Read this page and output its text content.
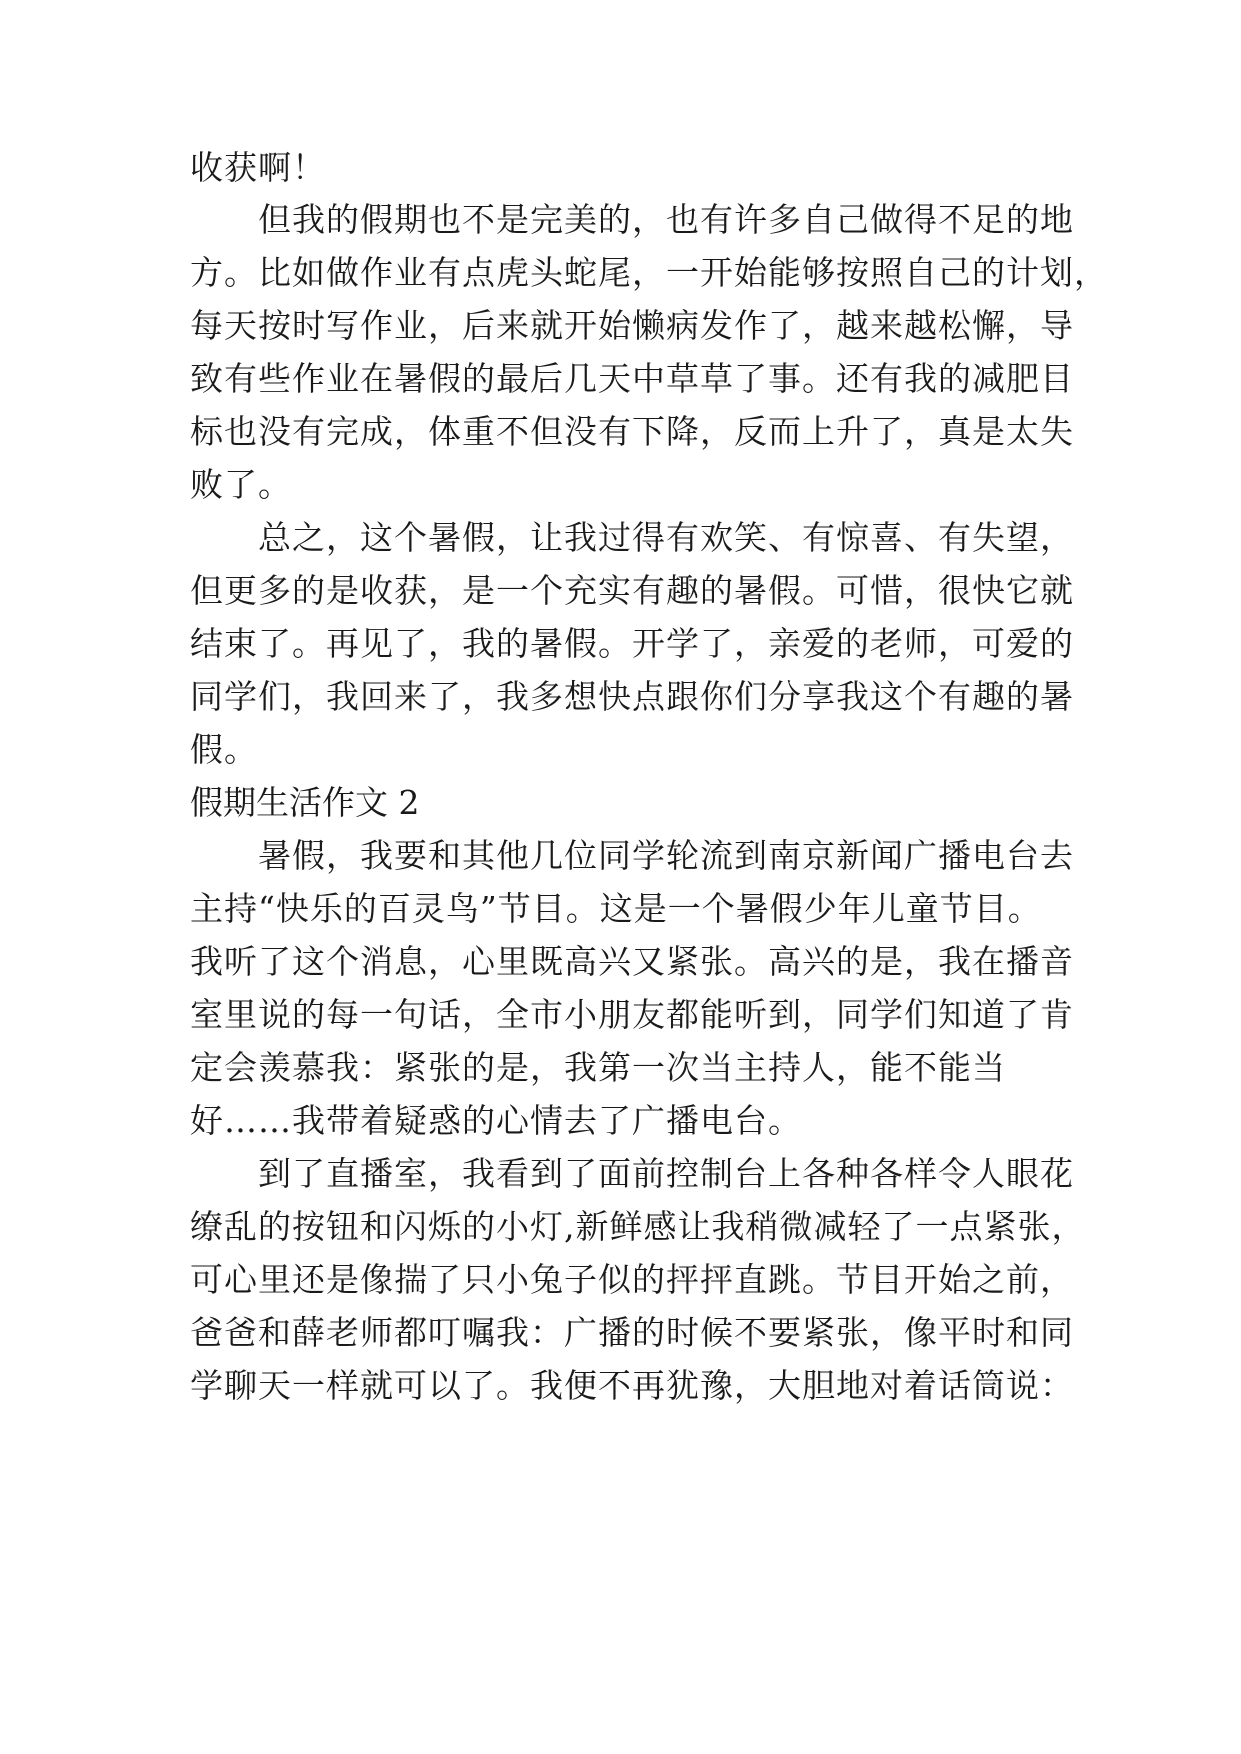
收获啊！
但我的假期也不是完美的，也有许多自己做得不足的地
方。比如做作业有点虎头蛇尾，一开始能够按照自己的计划，
每天按时写作业，后来就开始懒病发作了，越来越松懈，导
致有些作业在暑假的最后几天中草草了事。还有我的减肥目
标也没有完成，体重不但没有下降，反而上升了，真是太失
败了。
总之，这个暑假，让我过得有欢笑、有惊喜、有失望，
但更多的是收获，是一个充实有趣的暑假。可惜，很快它就
结束了。再见了，我的暑假。开学了，亲爱的老师，可爱的
同学们，我回来了，我多想快点跟你们分享我这个有趣的暑
假。
假期生活作文 2
暑假，我要和其他几位同学轮流到南京新闻广播电台去
主持“快乐的百灵鸟”节目。这是一个暑假少年儿童节目。
我听了这个消息，心里既高兴又紧张。高兴的是，我在播音
室里说的每一句话，全市小朋友都能听到，同学们知道了肯
定会羡慕我：紧张的是，我第一次当主持人，能不能当
好……我带着疑惑的心情去了广播电台。
到了直播室，我看到了面前控制台上各种各样令人眼花
缭乱的按钮和闪烁的小灯,新鲜感让我稍微减轻了一点紧张，
可心里还是像揣了只小兔子似的抨抨直跳。节目开始之前，
爸爸和薛老师都叮嘱我：广播的时候不要紧张，像平时和同
学聊天一样就可以了。我便不再犹豫，大胆地对着话筒说：
